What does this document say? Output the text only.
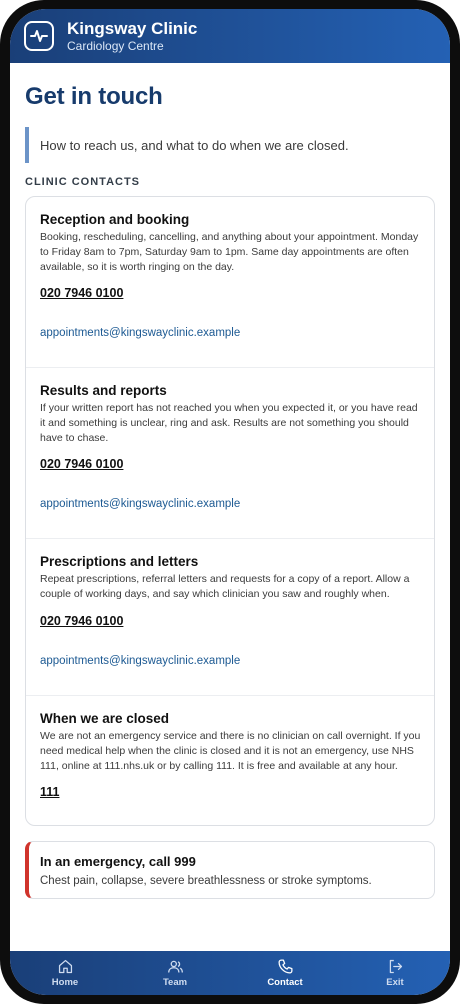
Kingsway Clinic
Cardiology Centre
Get in touch
How to reach us, and what to do when we are closed.
CLINIC CONTACTS
Reception and booking
Booking, rescheduling, cancelling, and anything about your appointment. Monday to Friday 8am to 7pm, Saturday 9am to 1pm. Same day appointments are often available, so it is worth ringing on the day.
020 7946 0100
appointments@kingswayclinic.example
Results and reports
If your written report has not reached you when you expected it, or you have read it and something is unclear, ring and ask. Results are not something you should have to chase.
020 7946 0100
appointments@kingswayclinic.example
Prescriptions and letters
Repeat prescriptions, referral letters and requests for a copy of a report. Allow a couple of working days, and say which clinician you saw and roughly when.
020 7946 0100
appointments@kingswayclinic.example
When we are closed
We are not an emergency service and there is no clinician on call overnight. If you need medical help when the clinic is closed and it is not an emergency, use NHS 111, online at 111.nhs.uk or by calling 111. It is free and available at any hour.
111
In an emergency, call 999
Chest pain, collapse, severe breathlessness or stroke symptoms.
Home	Team	Contact	Exit
